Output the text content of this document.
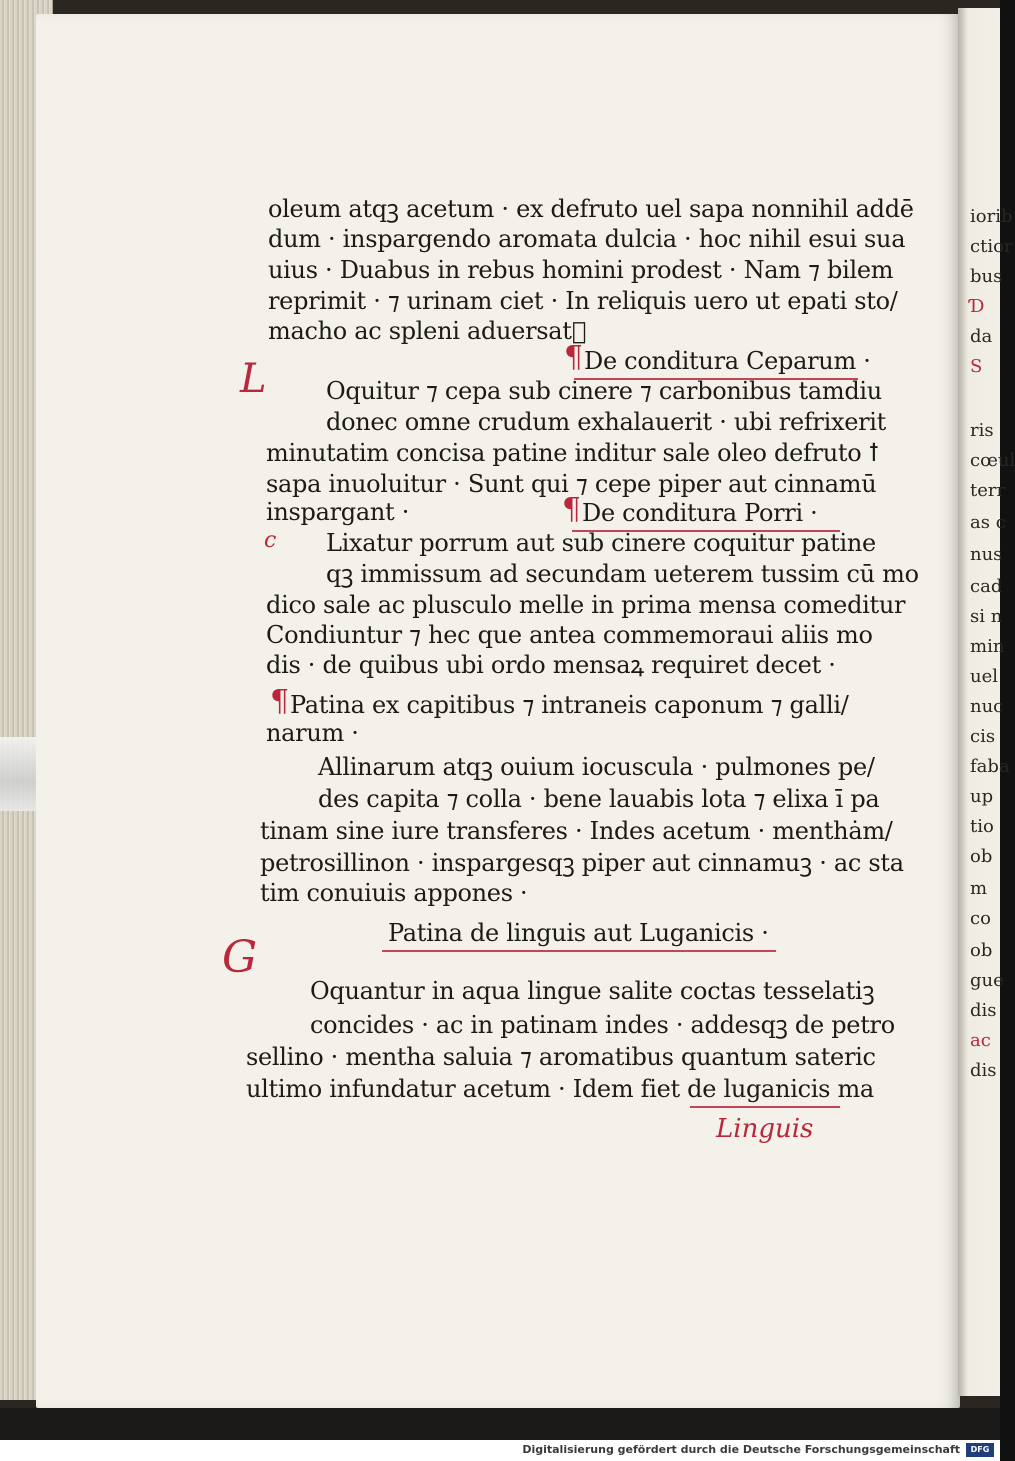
oleum atqꝫ acetum · ex defruto uel sapa nonnihil addē

dum · inspargendo aromata dulcia · hoc nihil esui sua

uius · Duabus in rebus homini prodest · Nam ⁊ bilem

reprimit · ⁊ urinam ciet · In reliquis uero ut epati sto/

macho ac spleni aduersat᷑

¶ De conditura Ceparum ·

L Oquitur ⁊ cepa sub cinere ⁊ carbonibus tamdiu

donec omne crudum exhalauerit · ubi refrixerit

minutatim concisa patine inditur sale oleo defruto ꝉ

sapa inuoluitur · Sunt qui ⁊ cepe piper aut cinnamū

inspargant ·	¶ De conditura Porri ·

c Lixatur porrum aut sub cinere coquitur patine

qꝫ immissum ad secundam ueterem tussim cū mo

dico sale ac plusculo melle in prima mensa comeditur

Condiuntur ⁊ hec que antea commemoraui aliis mo

dis · de quibus ubi ordo mensaꝝ requiret decet ·

¶ Patina ex capitibus ⁊ intraneis caponum ⁊ galli/

narum ·

Allinarum atqꝫ ouium iocuscula · pulmones pe/

des capita ⁊ colla · bene lauabis lota ⁊ elixa ī pa

tinam sine iure transferes · Indes acetum · menthȧm/

petrosillinon · inspargesqꝫ piper aut cinnamuꝫ · ac sta

tim conuiuis appones ·

Patina de linguis aut Luganicis ·

G

Oquantur in aqua lingue salite coctas tesselatiꝫ

concides · ac in patinam indes · addesqꝫ de petro

sellino · mentha saluia ⁊ aromatibus quantum sateric

ultimo infundatur acetum · Idem fiet de luganicis ma

Linguis
iorib
ctior
bus
Ɗ
da
S
ris
cœul
terr
as c
nus
cad
si n
min
uel
nuc
cis
faba
up
tio
ob
m
co
ob
gue
dis
ac
dis
Digitalisierung gefördert durch die Deutsche Forschungsgemeinschaft	DFG
